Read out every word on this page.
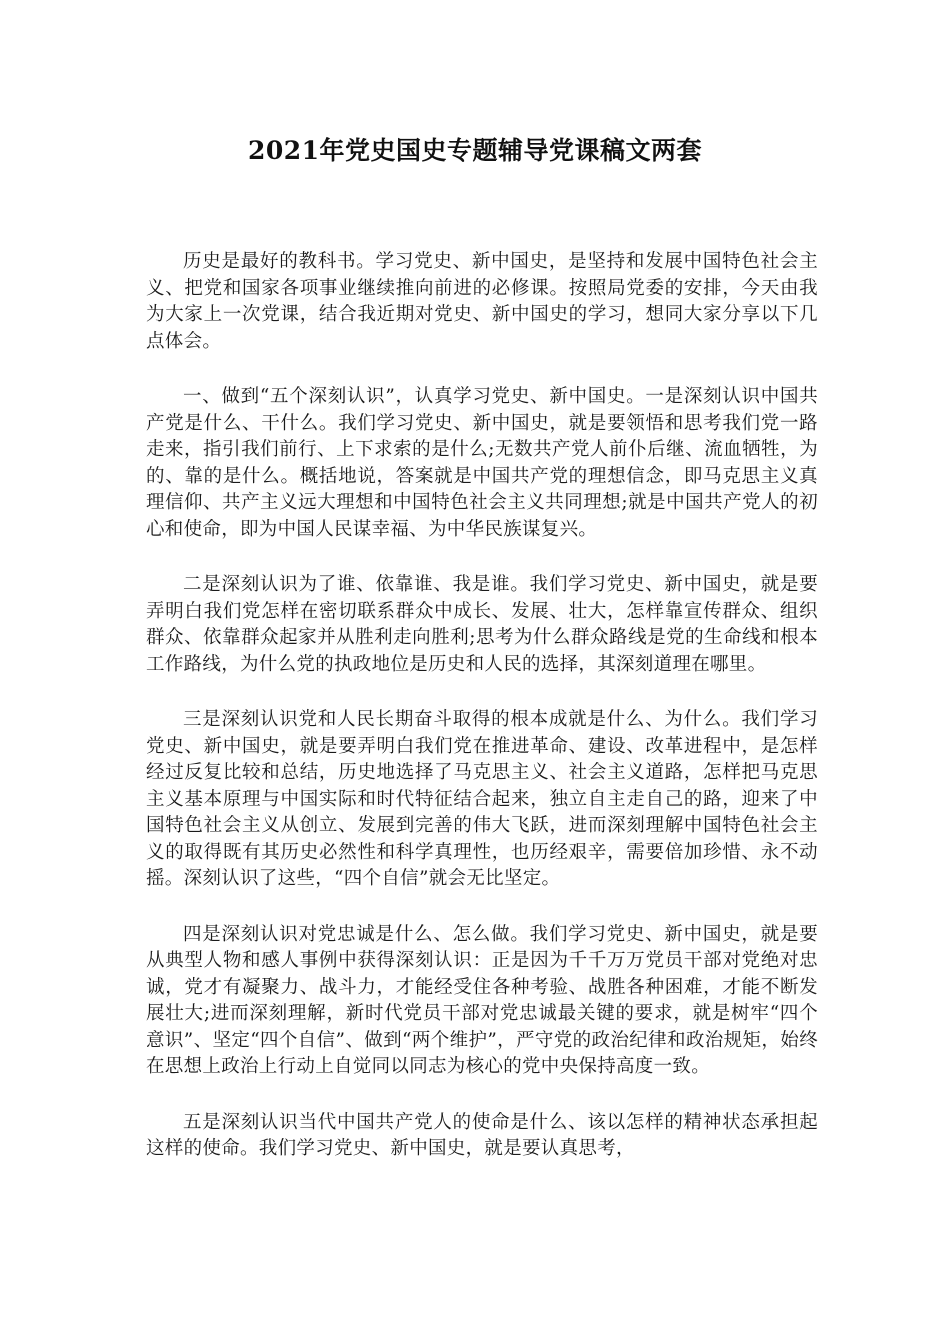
2021年党史国史专题辅导党课稿文两套

历史是最好的教科书。学习党史、新中国史，是坚持和发展中国特色社会主义、把党和国家各项事业继续推向前进的必修课。按照局党委的安排，今天由我为大家上一次党课，结合我近期对党史、新中国史的学习，想同大家分享以下几点体会。

一、做到“五个深刻认识”，认真学习党史、新中国史。一是深刻认识中国共产党是什么、干什么。我们学习党史、新中国史，就是要领悟和思考我们党一路走来，指引我们前行、上下求索的是什么;无数共产党人前仆后继、流血牺牲，为的、靠的是什么。概括地说，答案就是中国共产党的理想信念，即马克思主义真理信仰、共产主义远大理想和中国特色社会主义共同理想;就是中国共产党人的初心和使命，即为中国人民谋幸福、为中华民族谋复兴。

二是深刻认识为了谁、依靠谁、我是谁。我们学习党史、新中国史，就是要弄明白我们党怎样在密切联系群众中成长、发展、壮大，怎样靠宣传群众、组织群众、依靠群众起家并从胜利走向胜利;思考为什么群众路线是党的生命线和根本工作路线，为什么党的执政地位是历史和人民的选择，其深刻道理在哪里。

三是深刻认识党和人民长期奋斗取得的根本成就是什么、为什么。我们学习党史、新中国史，就是要弄明白我们党在推进革命、建设、改革进程中，是怎样经过反复比较和总结，历史地选择了马克思主义、社会主义道路，怎样把马克思主义基本原理与中国实际和时代特征结合起来，独立自主走自己的路，迎来了中国特色社会主义从创立、发展到完善的伟大飞跃，进而深刻理解中国特色社会主义的取得既有其历史必然性和科学真理性，也历经艰辛，需要倍加珍惜、永不动摇。深刻认识了这些，“四个自信”就会无比坚定。

四是深刻认识对党忠诚是什么、怎么做。我们学习党史、新中国史，就是要从典型人物和感人事例中获得深刻认识：正是因为千千万万党员干部对党绝对忠诚，党才有凝聚力、战斗力，才能经受住各种考验、战胜各种困难，才能不断发展壮大;进而深刻理解，新时代党员干部对党忠诚最关键的要求，就是树牢“四个意识”、坚定“四个自信”、做到“两个维护”，严守党的政治纪律和政治规矩，始终在思想上政治上行动上自觉同以同志为核心的党中央保持高度一致。

五是深刻认识当代中国共产党人的使命是什么、该以怎样的精神状态承担起这样的使命。我们学习党史、新中国史，就是要认真思考，
